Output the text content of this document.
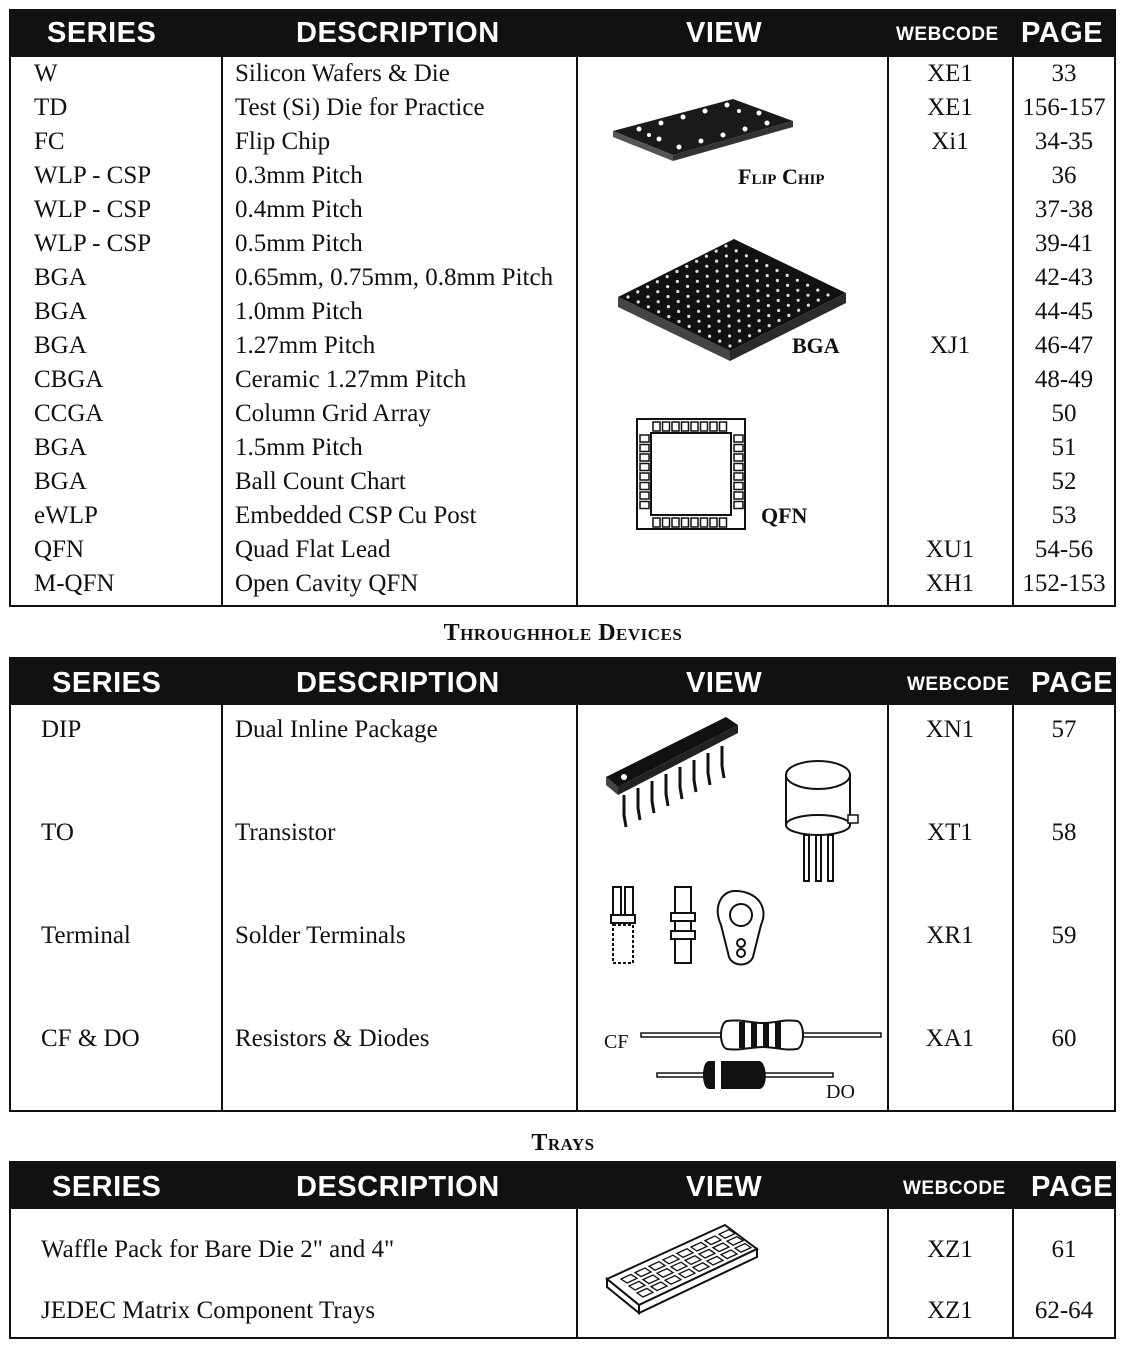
SERIES	DESCRIPTION	VIEW	WEBCODE PAGE
W	Silicon Wafers & Die	XE1	33
TD	Test (Si) Die for Practice	XE1	156-157
FC	Flip Chip	Xi1	34-35
WLP - CSP	0.3mm Pitch	36
WLP - CSP	0.4mm Pitch	37-38
WLP - CSP	0.5mm Pitch	39-41
BGA	0.65mm, 0.75mm, 0.8mm Pitch	42-43
BGA	1.0mm Pitch	44-45
BGA	1.27mm Pitch	XJ1	46-47
CBGA	Ceramic 1.27mm Pitch	48-49
CCGA	Column Grid Array	50
BGA	1.5mm Pitch	51
BGA	Ball Count Chart	52
eWLP	Embedded CSP Cu Post	53
QFN	Quad Flat Lead	XU1	54-56
M-QFN	Open Cavity QFN	XH1	152-153
Flip Chip
BGA
QFN
Throughhole Devices
SERIES	DESCRIPTION	VIEW	WEBCODE PAGE
DIP	Dual Inline Package	XN1	57
TO	Transistor	XT1	58
Terminal	Solder Terminals	XR1	59
CF & DO	Resistors & Diodes	XA1	60
CF
DO
Trays
SERIES	DESCRIPTION	VIEW	WEBCODE PAGE
Waffle Pack for Bare Die 2" and 4"	XZ1	61
JEDEC Matrix Component Trays	XZ1	62-64
